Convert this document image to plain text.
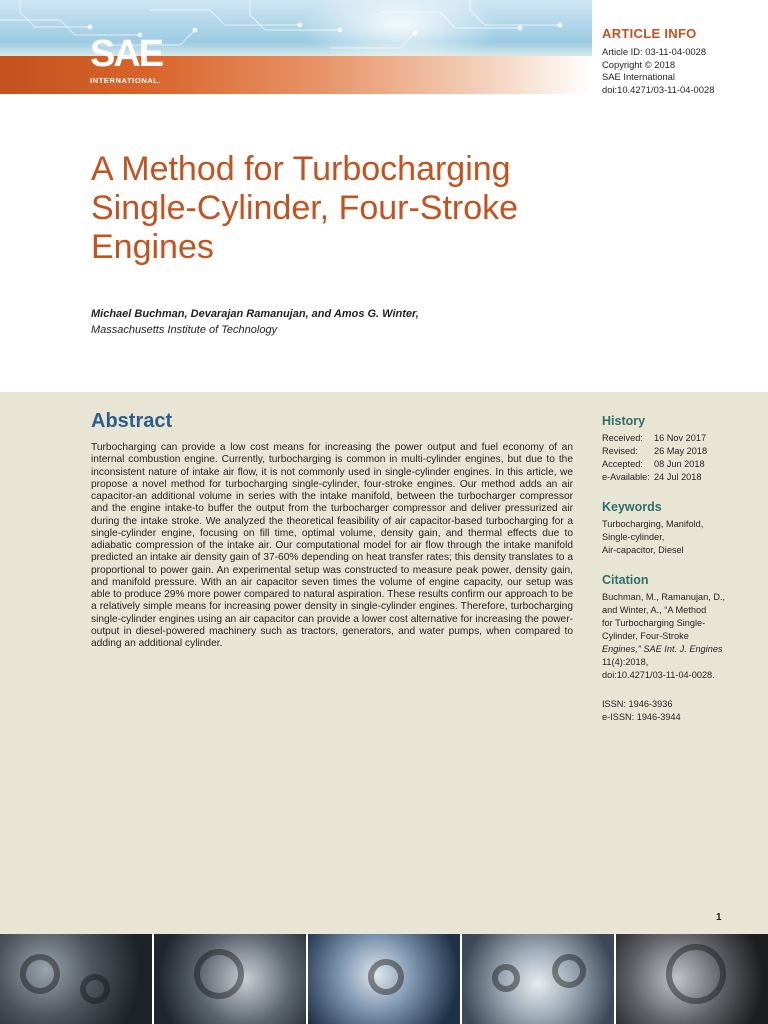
SAE
INTERNATIONAL.
ARTICLE INFO
Article ID: 03-11-04-0028
Copyright © 2018
SAE International
doi:10.4271/03-11-04-0028
A Method for Turbocharging
Single-Cylinder, Four-Stroke
Engines
Michael Buchman, Devarajan Ramanujan, and Amos G. Winter,
Massachusetts Institute of Technology
Abstract

Turbocharging can provide a low cost means for increasing the power output and fuel economy of an internal combustion engine. Currently, turbocharging is common in multi-cylinder engines, but due to the inconsistent nature of intake air flow, it is not commonly used in single-cylinder engines. In this article, we propose a novel method for turbocharging single-cylinder, four-stroke engines. Our method adds an air capacitor-an additional volume in series with the intake manifold, between the turbocharger compressor and the engine intake-to buffer the output from the turbocharger compressor and deliver pressurized air during the intake stroke. We analyzed the theoretical feasibility of air capacitor-based turbocharging for a single-cylinder engine, focusing on fill time, optimal volume, density gain, and thermal effects due to adiabatic compression of the intake air. Our computational model for air flow through the intake manifold predicted an intake air density gain of 37-60% depending on heat transfer rates; this density translates to a proportional to power gain. An experimental setup was constructed to measure peak power, density gain, and manifold pressure. With an air capacitor seven times the volume of engine capacity, our setup was able to produce 29% more power compared to natural aspiration. These results confirm our approach to be a relatively simple means for increasing power density in single-cylinder engines. Therefore, turbocharging single-cylinder engines using an air capacitor can provide a lower cost alternative for increasing the power-output in diesel-powered machinery such as tractors, generators, and water pumps, when compared to adding an additional cylinder.

History
Received:	16 Nov 2017
Revised:	26 May 2018
Accepted:	08 Jun 2018
e-Available: 24 Jul 2018
Keywords
Turbocharging, Manifold,
Single-cylinder,
Air-capacitor, Diesel
Citation
Buchman, M., Ramanujan, D.,
and Winter, A., “A Method
for Turbocharging Single-
Cylinder, Four-Stroke
Engines,” SAE Int. J. Engines
11(4):2018,
doi:10.4271/03-11-04-0028.
ISSN: 1946-3936
e-ISSN: 1946-3944
1
